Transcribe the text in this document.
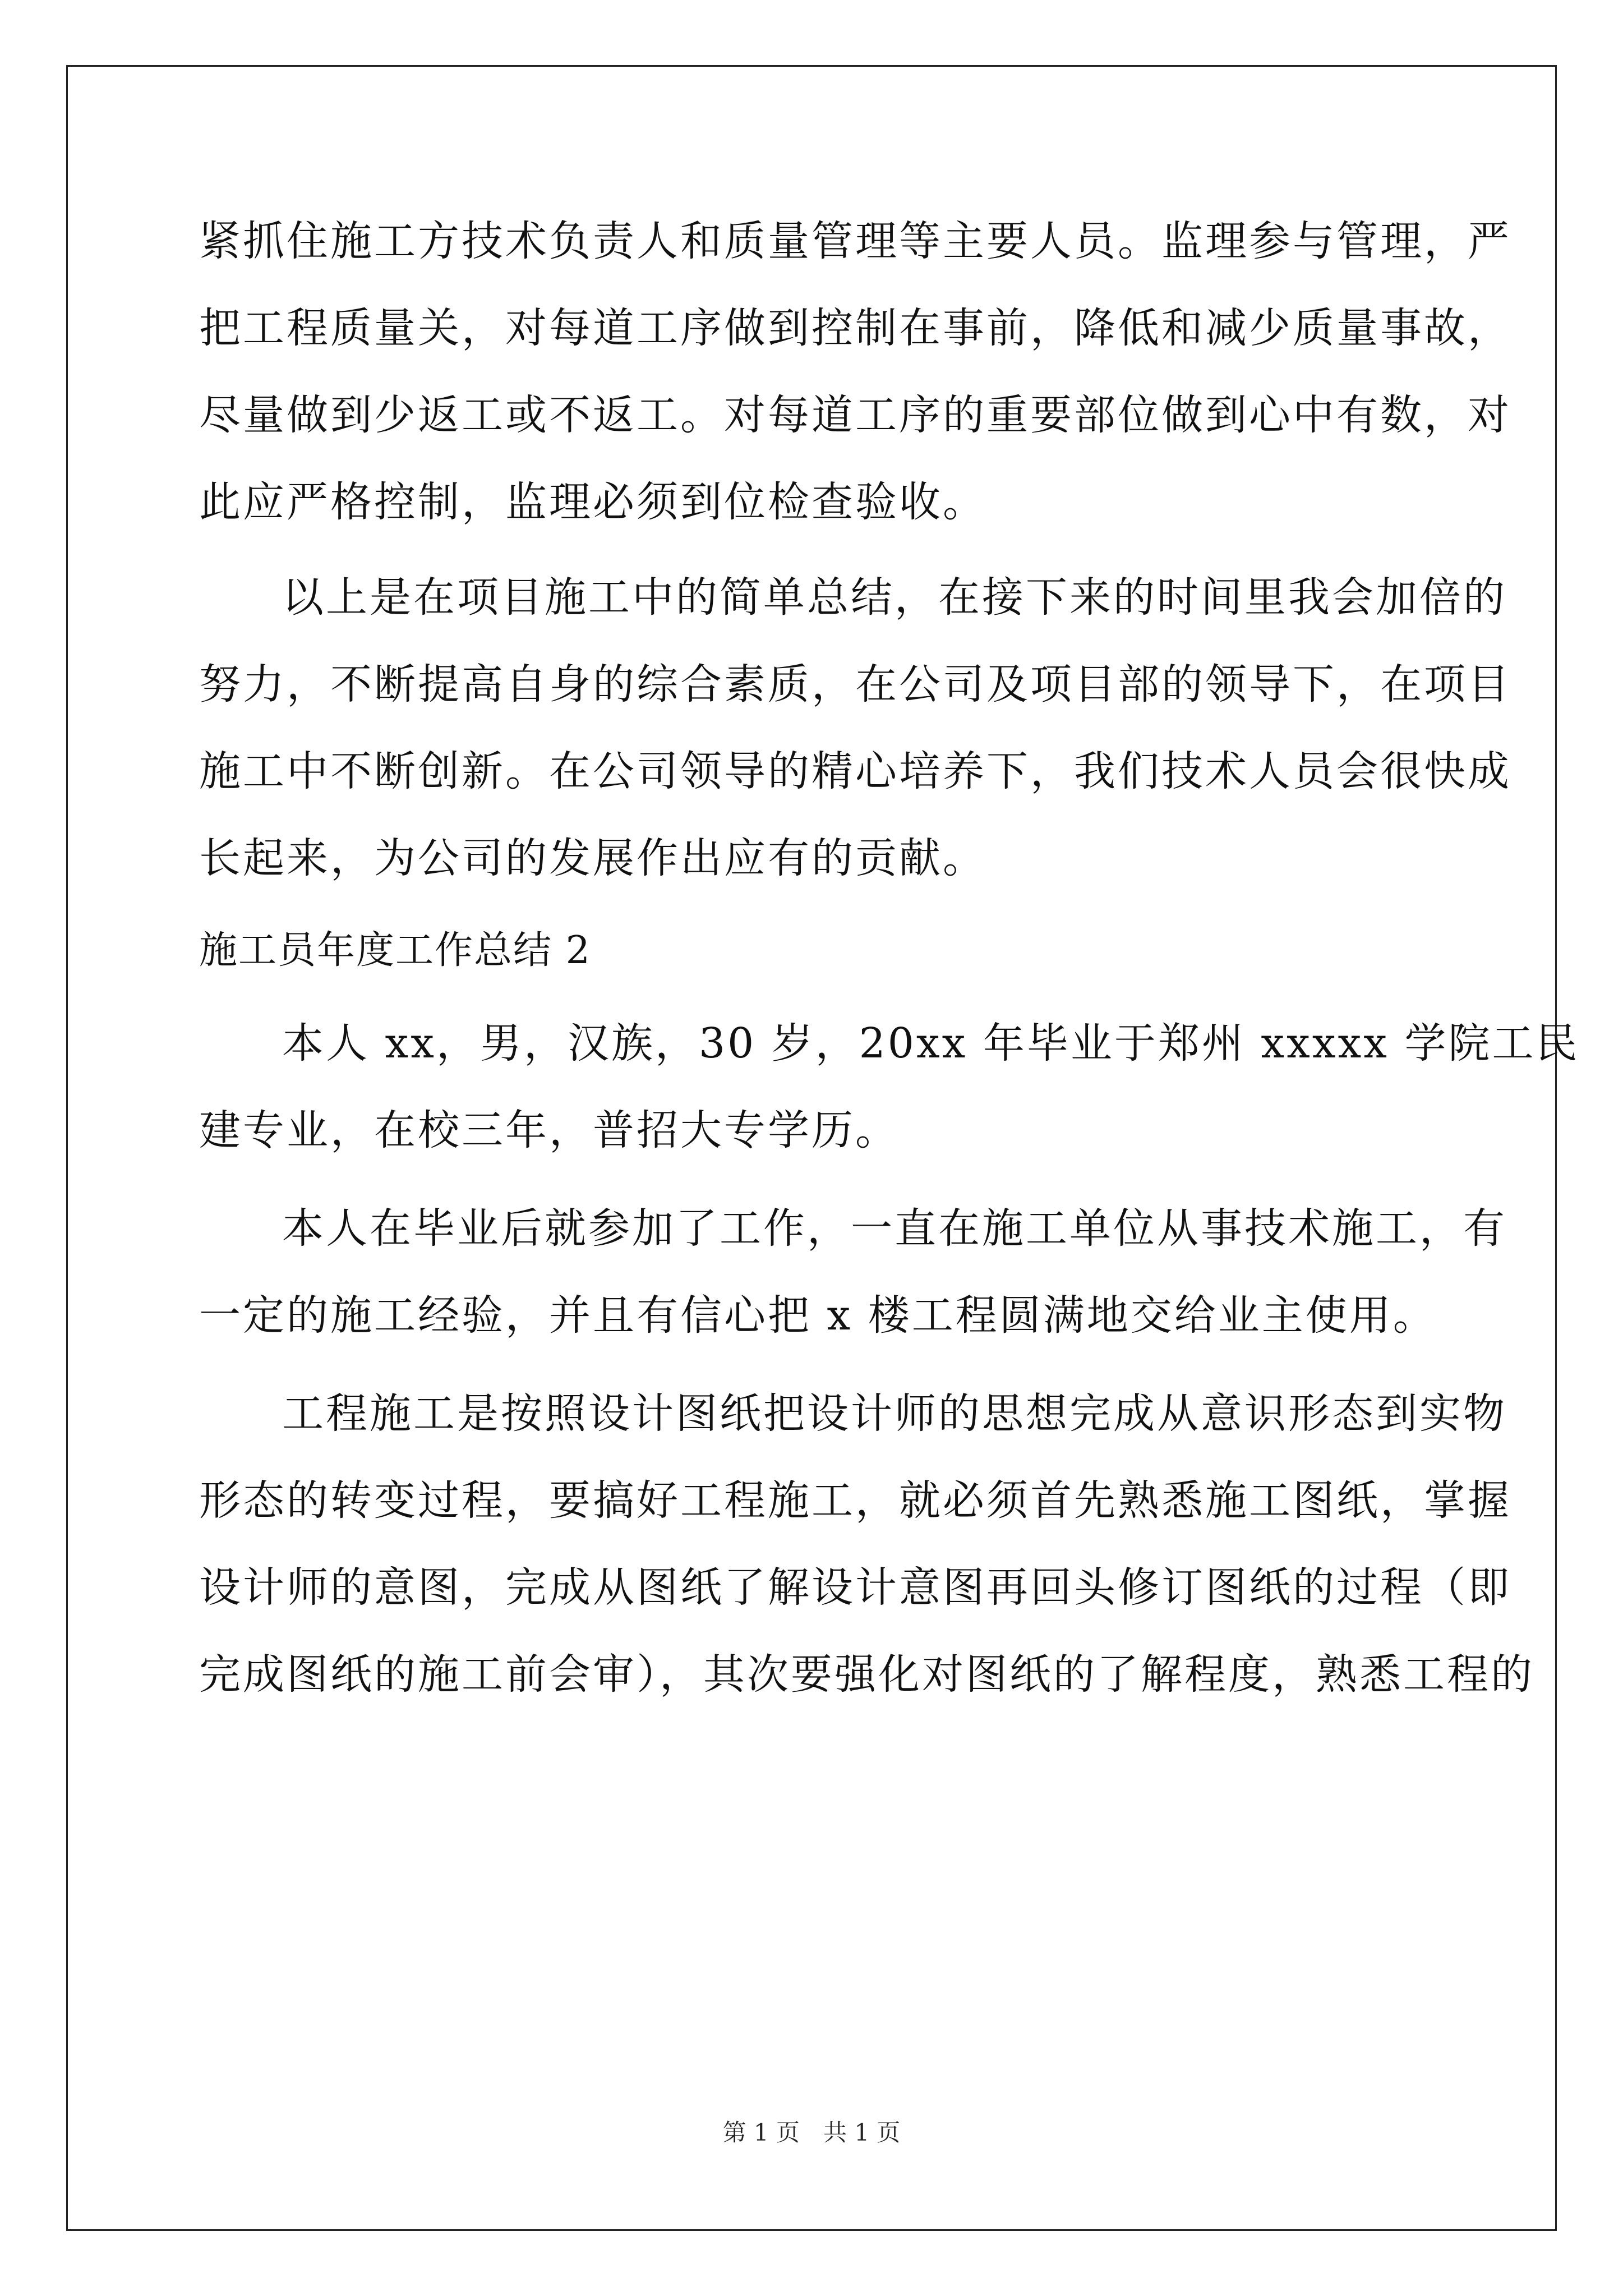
紧抓住施工方技术负责人和质量管理等主要人员。监理参与管理，严
把工程质量关，对每道工序做到控制在事前，降低和减少质量事故，
尽量做到少返工或不返工。对每道工序的重要部位做到心中有数，对
此应严格控制，监理必须到位检查验收。
以上是在项目施工中的简单总结，在接下来的时间里我会加倍的
努力，不断提高自身的综合素质，在公司及项目部的领导下，在项目
施工中不断创新。在公司领导的精心培养下，我们技术人员会很快成
长起来，为公司的发展作出应有的贡献。
施工员年度工作总结 2
本人 xx，男，汉族，30 岁，20xx 年毕业于郑州 xxxxx 学院工民
建专业，在校三年，普招大专学历。
本人在毕业后就参加了工作，一直在施工单位从事技术施工，有
一定的施工经验，并且有信心把 x 楼工程圆满地交给业主使用。
工程施工是按照设计图纸把设计师的思想完成从意识形态到实物
形态的转变过程，要搞好工程施工，就必须首先熟悉施工图纸，掌握
设计师的意图，完成从图纸了解设计意图再回头修订图纸的过程（即
完成图纸的施工前会审），其次要强化对图纸的了解程度，熟悉工程的
第 1 页　共 1 页
